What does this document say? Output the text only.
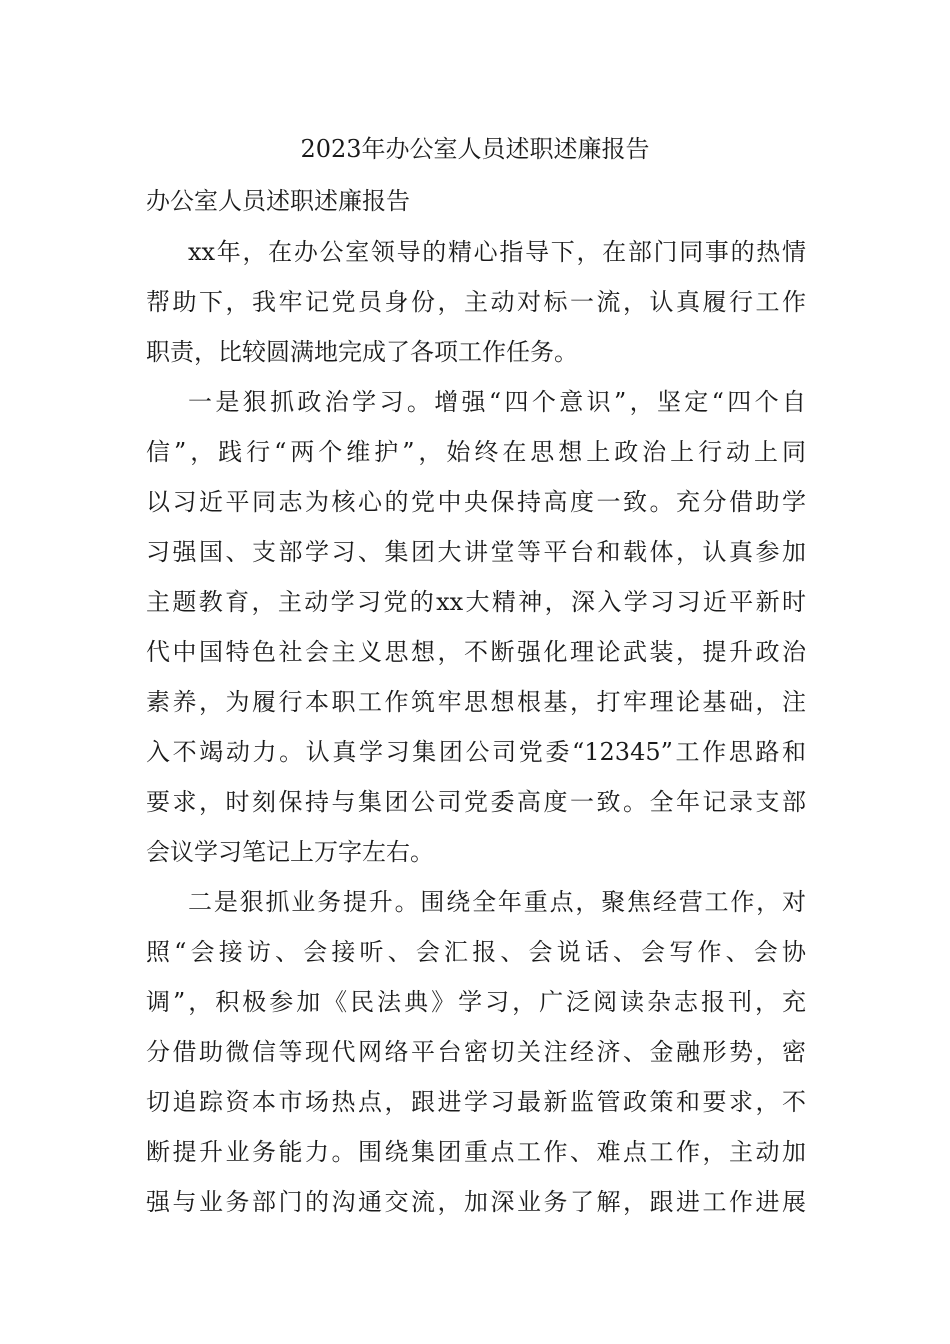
2023年办公室人员述职述廉报告
办公室人员述职述廉报告
xx年，在办公室领导的精心指导下，在部门同事的热情
帮助下，我牢记党员身份，主动对标一流，认真履行工作
职责，比较圆满地完成了各项工作任务。
一是狠抓政治学习。增强“四个意识”，坚定“四个自
信”，践行“两个维护”，始终在思想上政治上行动上同
以习近平同志为核心的党中央保持高度一致。充分借助学
习强国、支部学习、集团大讲堂等平台和载体，认真参加
主题教育，主动学习党的xx大精神，深入学习习近平新时
代中国特色社会主义思想，不断强化理论武装，提升政治
素养，为履行本职工作筑牢思想根基，打牢理论基础，注
入不竭动力。认真学习集团公司党委“12345”工作思路和
要求，时刻保持与集团公司党委高度一致。全年记录支部
会议学习笔记上万字左右。
二是狠抓业务提升。围绕全年重点，聚焦经营工作，对
照“会接访、会接听、会汇报、会说话、会写作、会协
调”，积极参加《民法典》学习，广泛阅读杂志报刊，充
分借助微信等现代网络平台密切关注经济、金融形势，密
切追踪资本市场热点，跟进学习最新监管政策和要求，不
断提升业务能力。围绕集团重点工作、难点工作，主动加
强与业务部门的沟通交流，加深业务了解，跟进工作进展
